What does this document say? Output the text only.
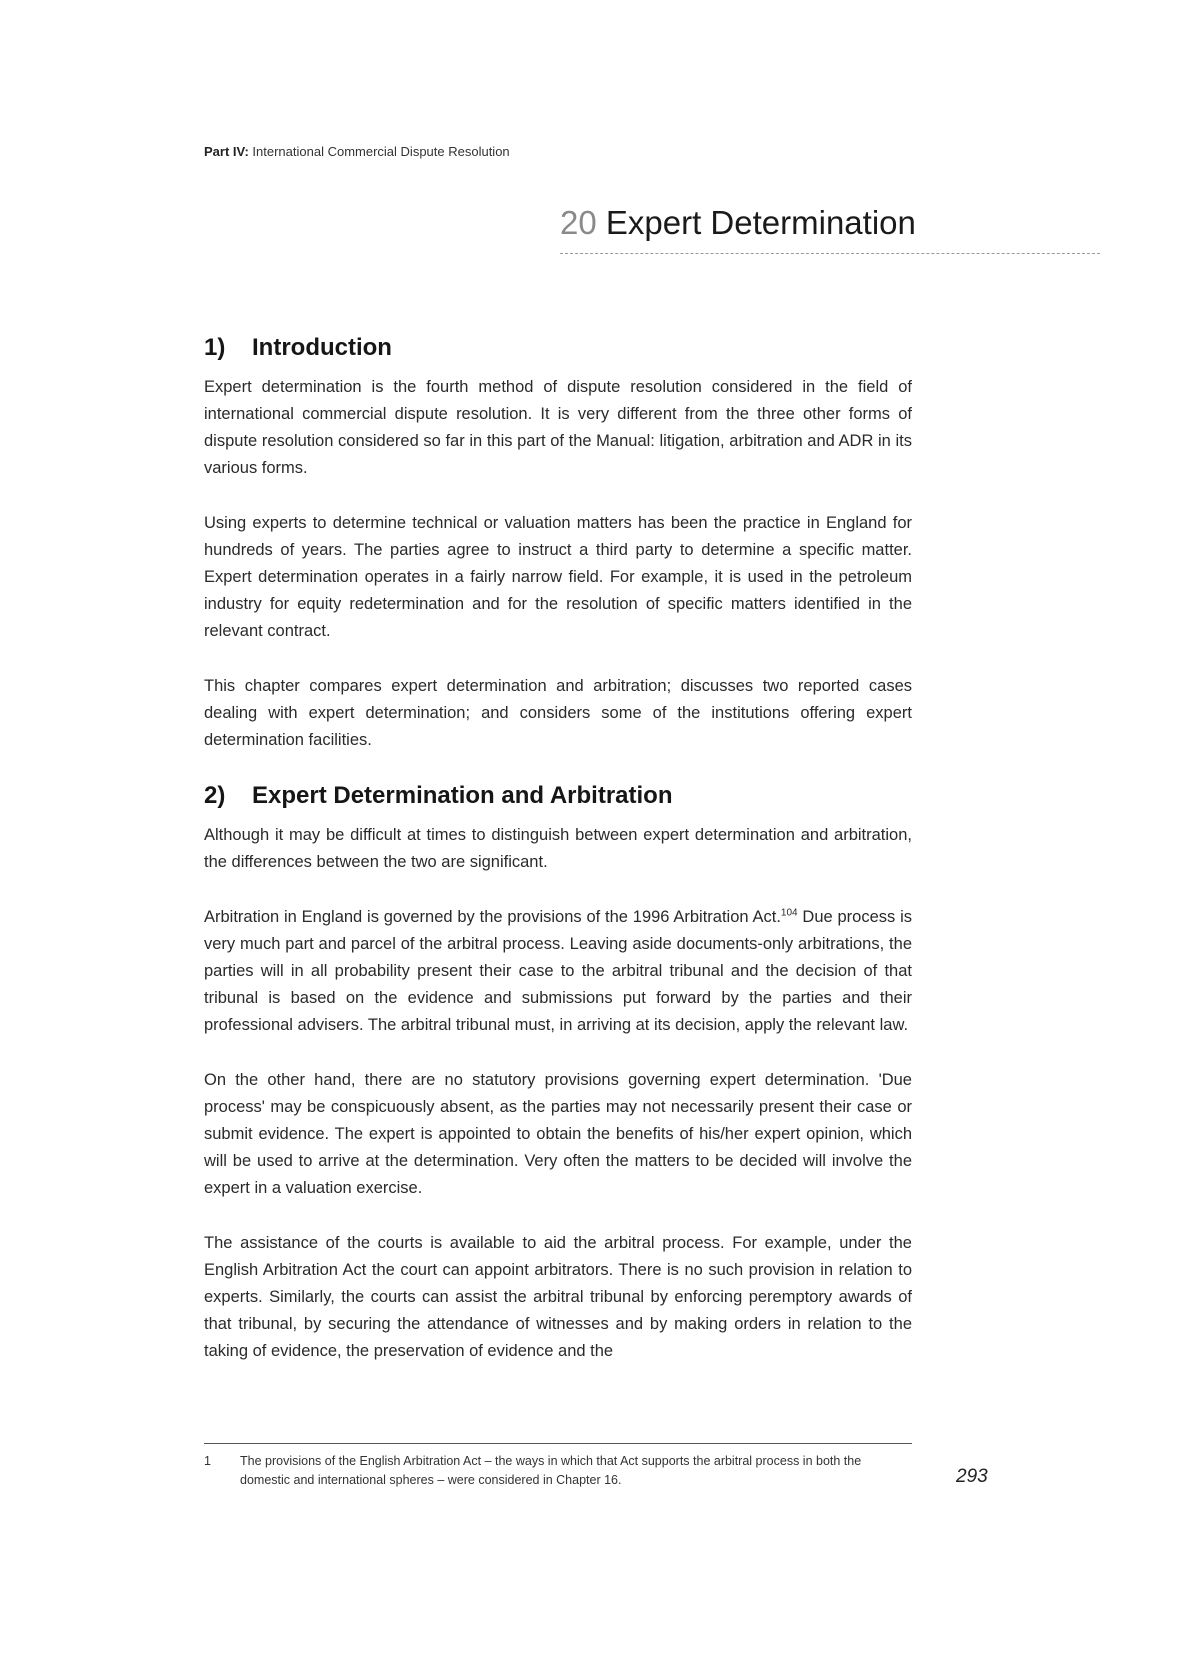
Part IV: International Commercial Dispute Resolution
20 Expert Determination
1) Introduction

Expert determination is the fourth method of dispute resolution considered in the field of international commercial dispute resolution. It is very different from the three other forms of dispute resolution considered so far in this part of the Manual: litigation, arbitration and ADR in its various forms.

Using experts to determine technical or valuation matters has been the practice in England for hundreds of years. The parties agree to instruct a third party to determine a specific matter. Expert determination operates in a fairly narrow field. For example, it is used in the petroleum industry for equity redetermination and for the resolution of specific matters identified in the relevant contract.

This chapter compares expert determination and arbitration; discusses two reported cases dealing with expert determination; and considers some of the institutions offering expert determination facilities.

2) Expert Determination and Arbitration

Although it may be difficult at times to distinguish between expert determination and arbitration, the differences between the two are significant.

Arbitration in England is governed by the provisions of the 1996 Arbitration Act.$^{104}$ Due process is very much part and parcel of the arbitral process. Leaving aside documents-only arbitrations, the parties will in all probability present their case to the arbitral tribunal and the decision of that tribunal is based on the evidence and submissions put forward by the parties and their professional advisers. The arbitral tribunal must, in arriving at its decision, apply the relevant law.

On the other hand, there are no statutory provisions governing expert determination. 'Due process' may be conspicuously absent, as the parties may not necessarily present their case or submit evidence. The expert is appointed to obtain the benefits of his/her expert opinion, which will be used to arrive at the determination. Very often the matters to be decided will involve the expert in a valuation exercise.

The assistance of the courts is available to aid the arbitral process. For example, under the English Arbitration Act the court can appoint arbitrators. There is no such provision in relation to experts. Similarly, the courts can assist the arbitral tribunal by enforcing peremptory awards of that tribunal, by securing the attendance of witnesses and by making orders in relation to the taking of evidence, the preservation of evidence and the

1	The provisions of the English Arbitration Act – the ways in which that Act supports the arbitral process in both the domestic and international spheres – were considered in Chapter 16.	293
